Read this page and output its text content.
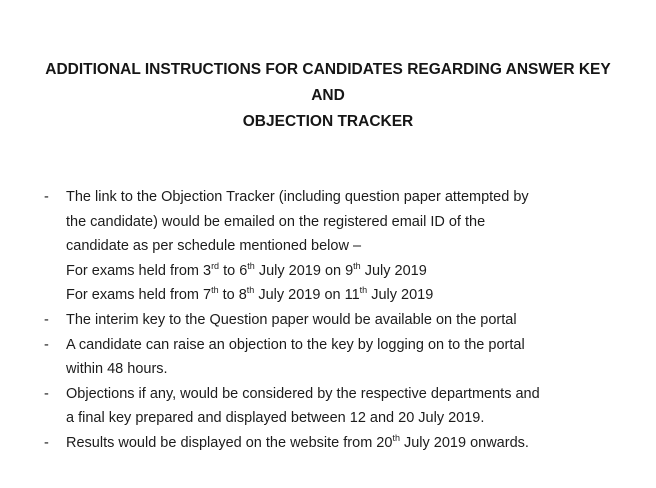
ADDITIONAL INSTRUCTIONS FOR CANDIDATES REGARDING ANSWER KEY AND
OBJECTION TRACKER
-	The link to the Objection Tracker (including question paper attempted by
the candidate) would be emailed on the registered email ID of the
candidate as per schedule mentioned below –
For exams held from 3rd to 6th July 2019 on 9th July 2019
For exams held from 7th to 8th July 2019 on 11th July 2019
-	The interim key to the Question paper would be available on the portal
-	A candidate can raise an objection to the key by logging on to the portal
within 48 hours.
-	Objections if any, would be considered by the respective departments and
a final key prepared and displayed between 12 and 20 July 2019.
-	Results would be displayed on the website from 20th July 2019 onwards.
